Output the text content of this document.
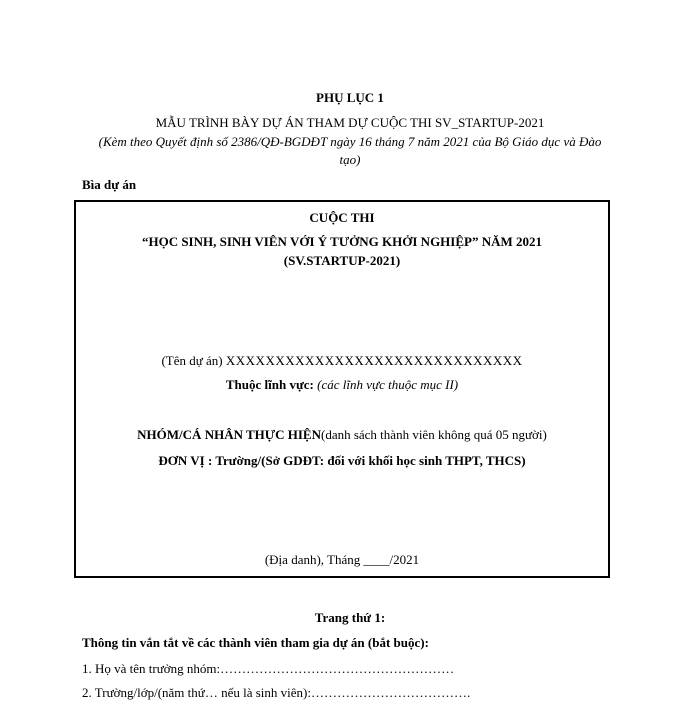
PHỤ LỤC 1
MẪU TRÌNH BÀY DỰ ÁN THAM DỰ CUỘC THI SV_STARTUP-2021
(Kèm theo Quyết định số 2386/QĐ-BGDĐT ngày 16 tháng 7 năm 2021 của Bộ Giáo dục và Đào
tạo)
Bìa dự án
CUỘC THI
“HỌC SINH, SINH VIÊN VỚI Ý TƯỞNG KHỞI NGHIỆP” NĂM 2021
(SV.STARTUP-2021)
(Tên dự án) XXXXXXXXXXXXXXXXXXXXXXXXXXXXXX
Thuộc lĩnh vực: (các lĩnh vực thuộc mục II)
NHÓM/CÁ NHÂN THỰC HIỆN(danh sách thành viên không quá 05 người)
ĐƠN VỊ : Trường/(Sở GDĐT: đối với khối học sinh THPT, THCS)
(Địa danh), Tháng ____/2021
Trang thứ 1:
Thông tin vắn tắt về các thành viên tham gia dự án (bắt buộc):
1. Họ và tên trưởng nhóm:………………………………………………
2. Trường/lớp/(năm thứ… nếu là sinh viên):……………………………….
